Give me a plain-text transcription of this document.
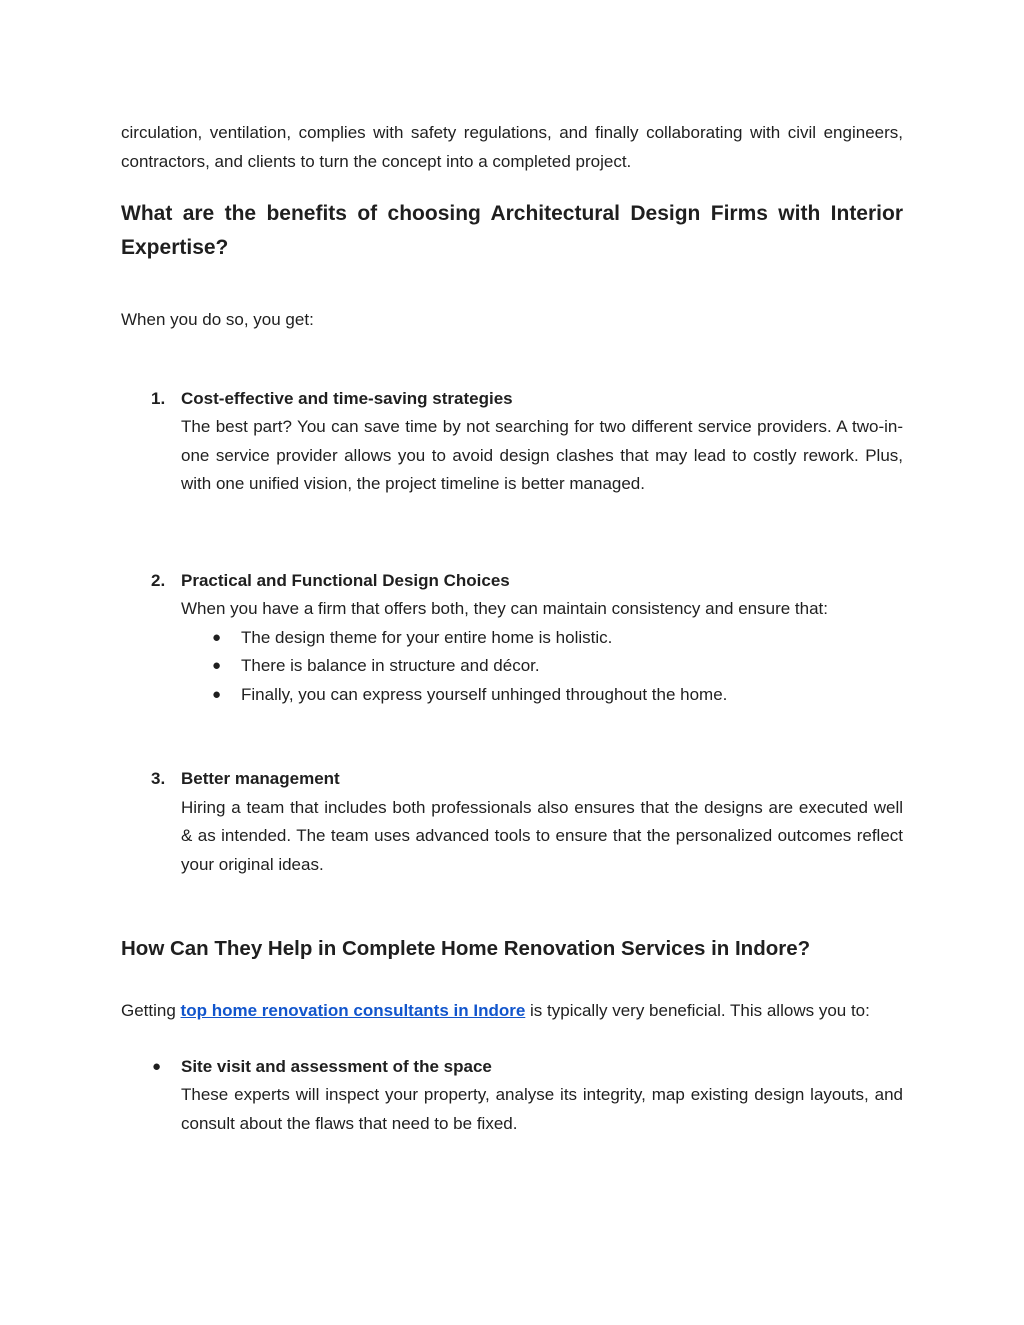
circulation, ventilation, complies with safety regulations, and finally collaborating with civil engineers, contractors, and clients to turn the concept into a completed project.

What are the benefits of choosing Architectural Design Firms with Interior Expertise?

When you do so, you get:

1. Cost-effective and time-saving strategies

The best part? You can save time by not searching for two different service providers. A two-in-one service provider allows you to avoid design clashes that may lead to costly rework. Plus, with one unified vision, the project timeline is better managed.

2. Practical and Functional Design Choices

When you have a firm that offers both, they can maintain consistency and ensure that:

● The design theme for your entire home is holistic.
● There is balance in structure and décor.
● Finally, you can express yourself unhinged throughout the home.
3. Better management

Hiring a team that includes both professionals also ensures that the designs are executed well & as intended. The team uses advanced tools to ensure that the personalized outcomes reflect your original ideas.

How Can They Help in Complete Home Renovation Services in Indore?

Getting top home renovation consultants in Indore is typically very beneficial. This allows you to:

● Site visit and assessment of the space

These experts will inspect your property, analyse its integrity, map existing design layouts, and consult about the flaws that need to be fixed.
